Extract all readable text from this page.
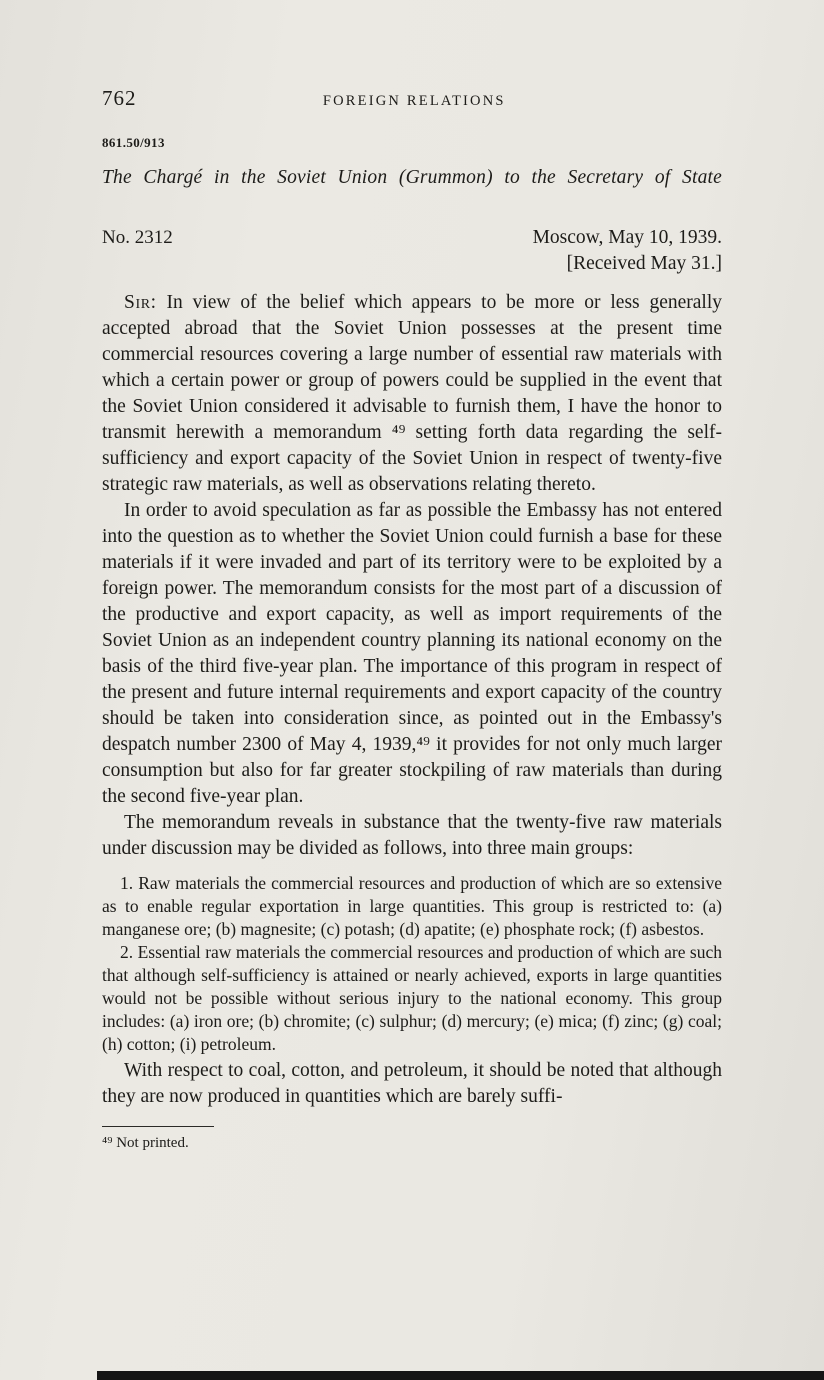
762	FOREIGN RELATIONS
861.50/913
The Chargé in the Soviet Union (Grummon) to the Secretary of State
No. 2312	Moscow, May 10, 1939.
[Received May 31.]

Sir: In view of the belief which appears to be more or less generally accepted abroad that the Soviet Union possesses at the present time commercial resources covering a large number of essential raw materials with which a certain power or group of powers could be supplied in the event that the Soviet Union considered it advisable to furnish them, I have the honor to transmit herewith a memorandum ⁴⁹ setting forth data regarding the self-sufficiency and export capacity of the Soviet Union in respect of twenty-five strategic raw materials, as well as observations relating thereto.

In order to avoid speculation as far as possible the Embassy has not entered into the question as to whether the Soviet Union could furnish a base for these materials if it were invaded and part of its territory were to be exploited by a foreign power. The memorandum consists for the most part of a discussion of the productive and export capacity, as well as import requirements of the Soviet Union as an independent country planning its national economy on the basis of the third five-year plan. The importance of this program in respect of the present and future internal requirements and export capacity of the country should be taken into consideration since, as pointed out in the Embassy's despatch number 2300 of May 4, 1939,⁴⁹ it provides for not only much larger consumption but also for far greater stockpiling of raw materials than during the second five-year plan.

The memorandum reveals in substance that the twenty-five raw materials under discussion may be divided as follows, into three main groups:

1. Raw materials the commercial resources and production of which are so extensive as to enable regular exportation in large quantities. This group is restricted to: (a) manganese ore; (b) magnesite; (c) potash; (d) apatite; (e) phosphate rock; (f) asbestos.

2. Essential raw materials the commercial resources and production of which are such that although self-sufficiency is attained or nearly achieved, exports in large quantities would not be possible without serious injury to the national economy. This group includes: (a) iron ore; (b) chromite; (c) sulphur; (d) mercury; (e) mica; (f) zinc; (g) coal; (h) cotton; (i) petroleum.

With respect to coal, cotton, and petroleum, it should be noted that although they are now produced in quantities which are barely suffi-

⁴⁹ Not printed.
